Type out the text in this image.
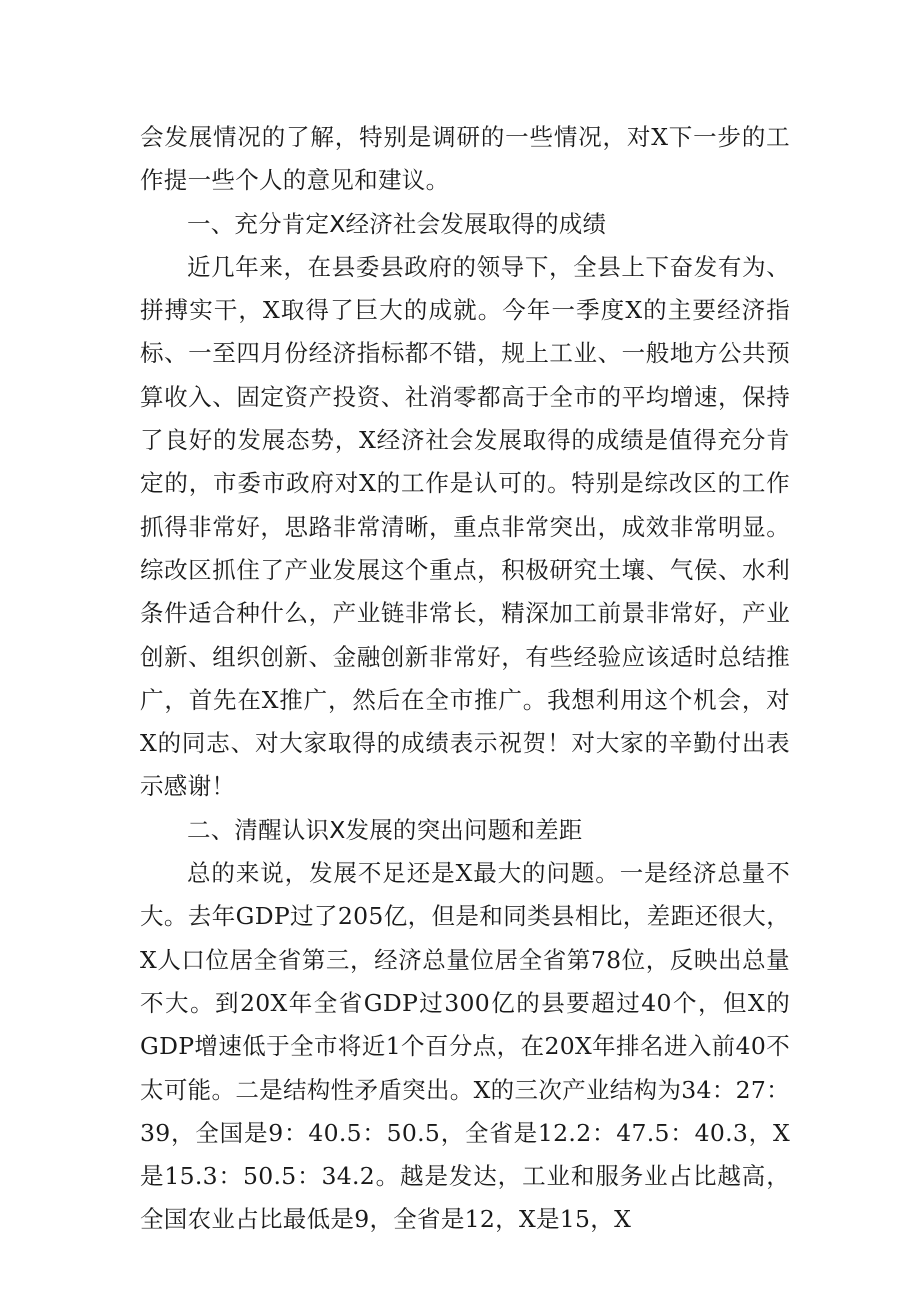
会发展情况的了解，特别是调研的一些情况，对X下一步的工作提一些个人的意见和建议。

一、充分肯定X经济社会发展取得的成绩

近几年来，在县委县政府的领导下，全县上下奋发有为、拼搏实干，X取得了巨大的成就。今年一季度X的主要经济指标、一至四月份经济指标都不错，规上工业、一般地方公共预算收入、固定资产投资、社消零都高于全市的平均增速，保持了良好的发展态势，X经济社会发展取得的成绩是值得充分肯定的，市委市政府对X的工作是认可的。特别是综改区的工作抓得非常好，思路非常清晰，重点非常突出，成效非常明显。综改区抓住了产业发展这个重点，积极研究土壤、气侯、水利条件适合种什么，产业链非常长，精深加工前景非常好，产业创新、组织创新、金融创新非常好，有些经验应该适时总结推广，首先在X推广，然后在全市推广。我想利用这个机会，对X的同志、对大家取得的成绩表示祝贺！对大家的辛勤付出表示感谢！

二、清醒认识X发展的突出问题和差距

总的来说，发展不足还是X最大的问题。一是经济总量不大。去年GDP过了205亿，但是和同类县相比，差距还很大，X人口位居全省第三，经济总量位居全省第78位，反映出总量不大。到20X年全省GDP过300亿的县要超过40个，但X的GDP增速低于全市将近1个百分点，在20X年排名进入前40不太可能。二是结构性矛盾突出。X的三次产业结构为34：27：39，全国是9：40.5：50.5，全省是12.2：47.5：40.3，X是15.3：50.5：34.2。越是发达，工业和服务业占比越高，全国农业占比最低是9，全省是12，X是15，X
